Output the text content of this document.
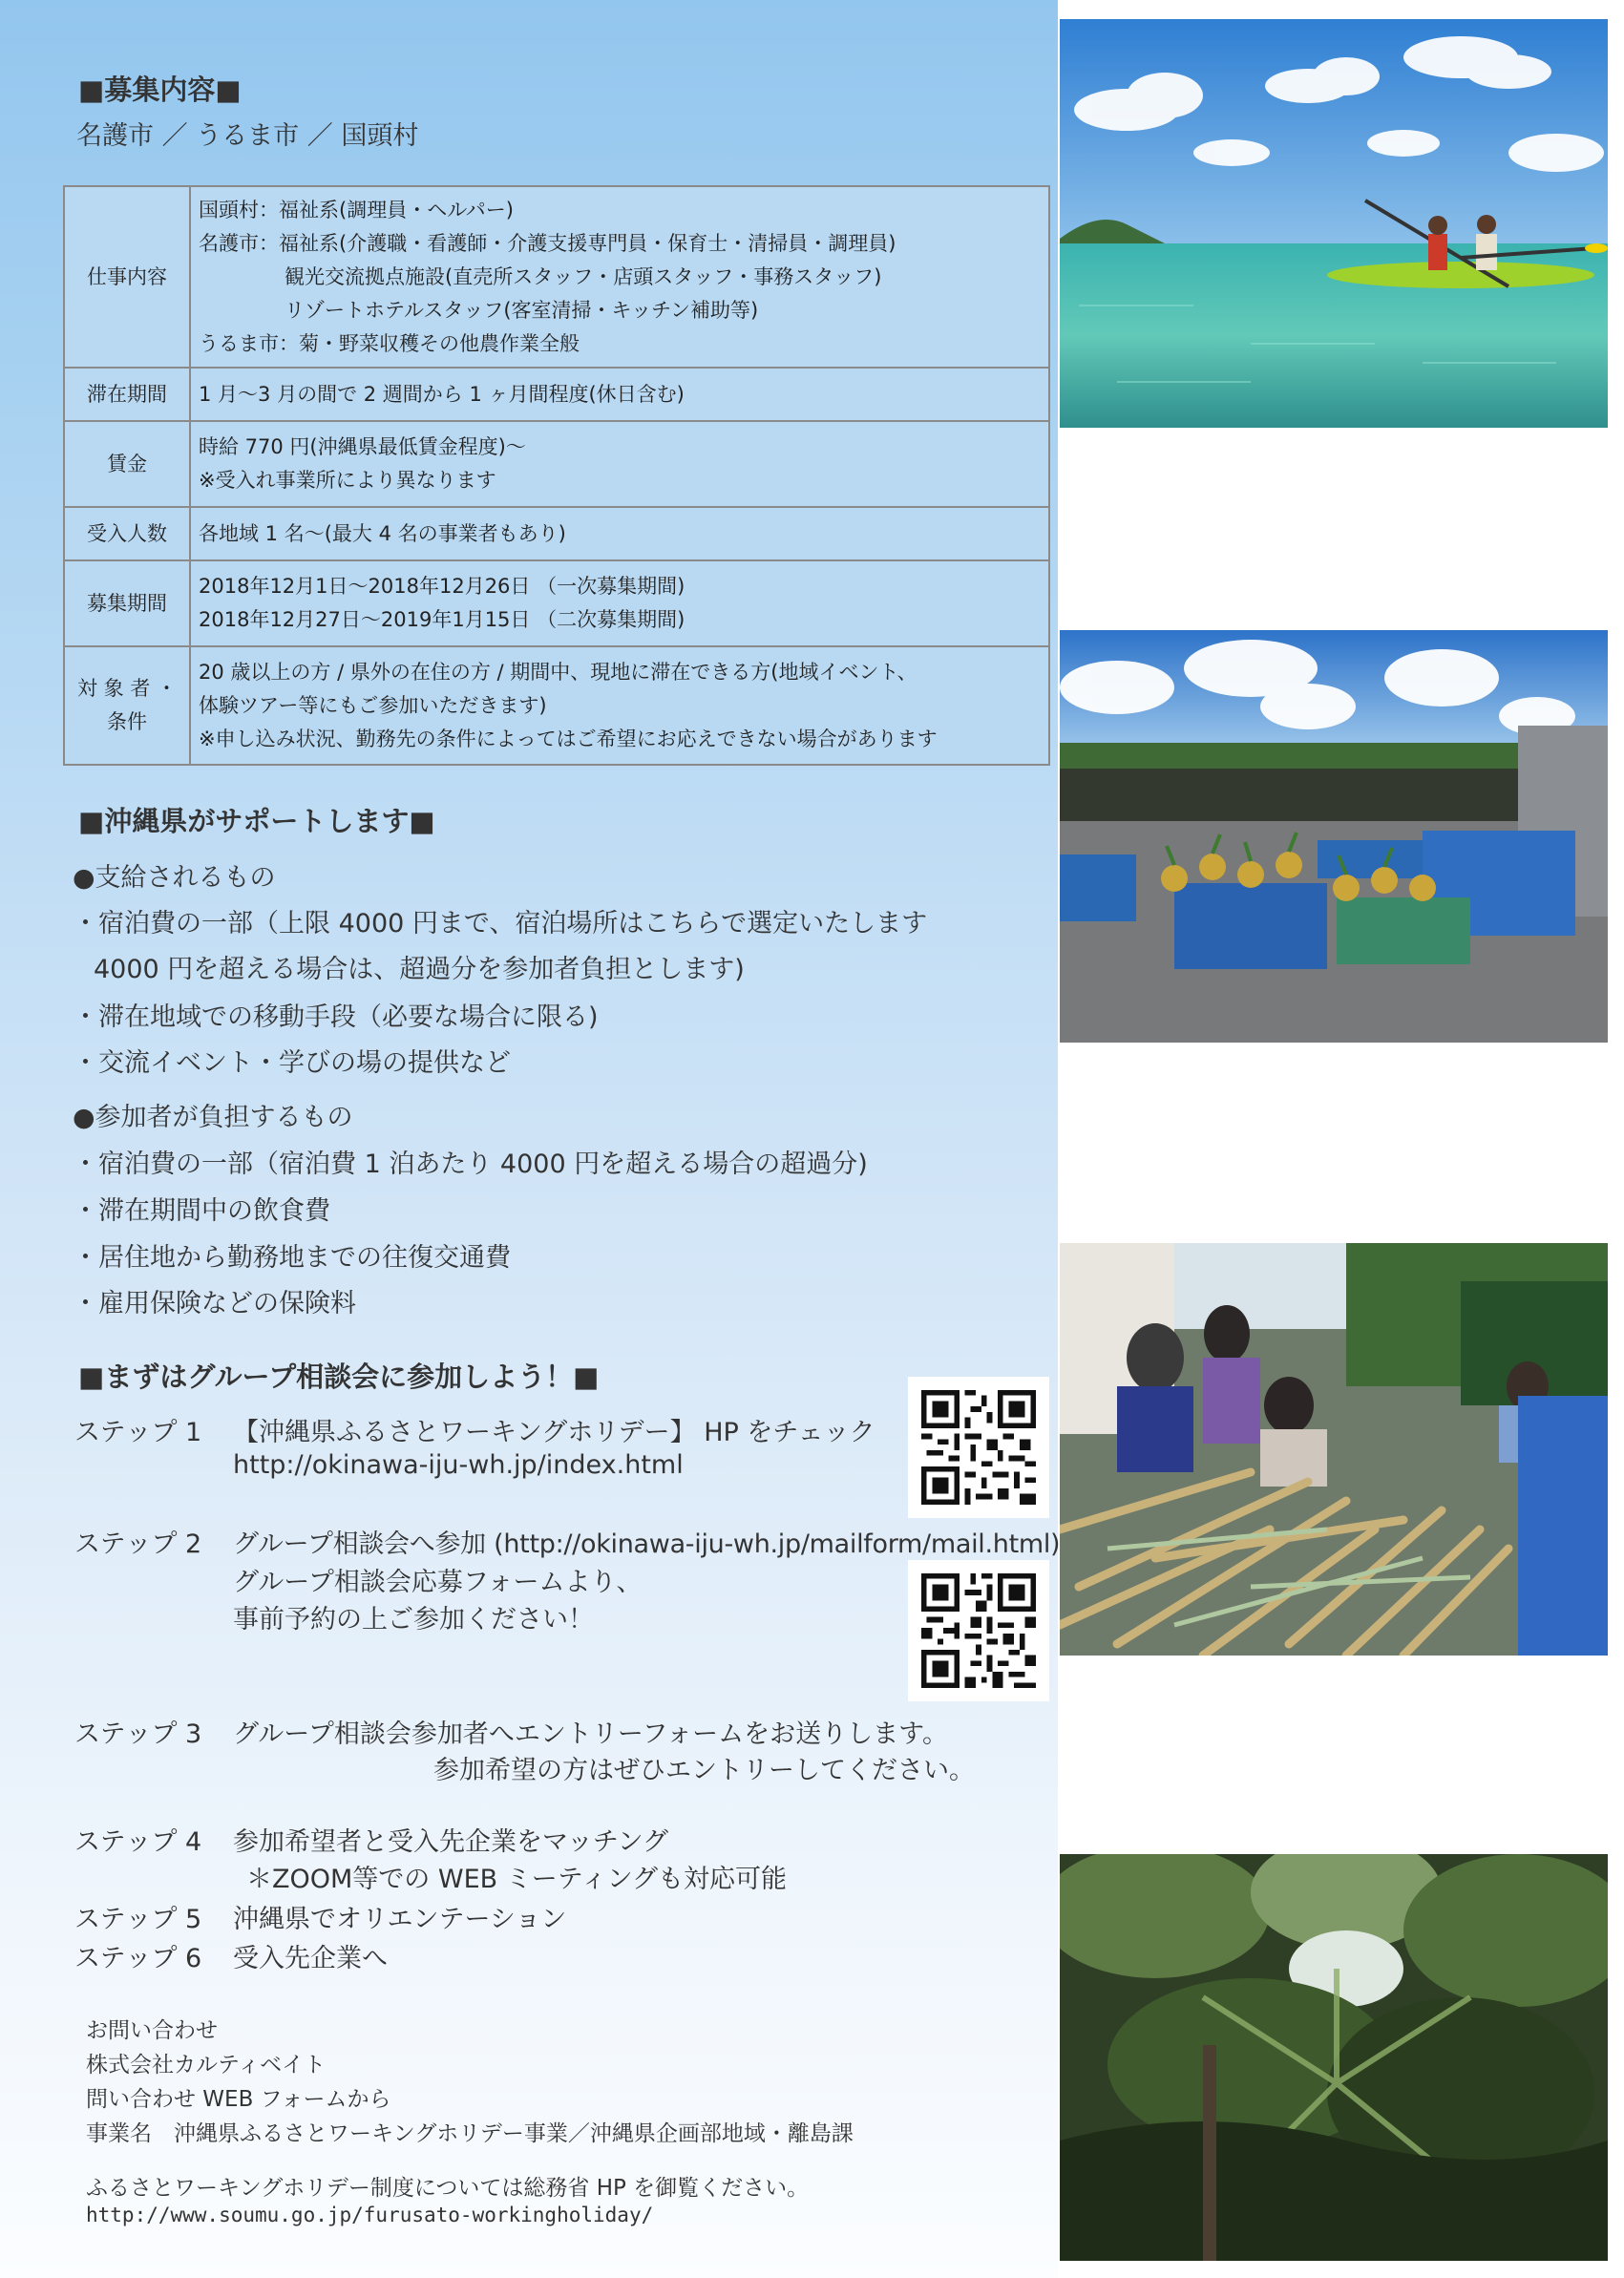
■募集内容■
名護市 ／ うるま市 ／ 国頭村
仕事内容	国頭村：福祉系(調理員・ヘルパー)
名護市：福祉系(介護職・看護師・介護支援専門員・保育士・清掃員・調理員)
観光交流拠点施設(直売所スタッフ・店頭スタッフ・事務スタッフ)
リゾートホテルスタッフ(客室清掃・キッチン補助等)
うるま市：菊・野菜収穫その他農作業全般

滞在期間	1 月～3 月の間で 2 週間から 1 ヶ月間程度(休日含む)
賃金	時給 770 円(沖縄県最低賃金程度)～
※受入れ事業所により異なります

受入人数	各地域 1 名～(最大 4 名の事業者もあり)
募集期間	2018年12月1日～2018年12月26日 （一次募集期間)
2018年12月27日～2019年1月15日 （二次募集期間)

対 象 者 ・
条件	20 歳以上の方 / 県外の在住の方 / 期間中、現地に滞在できる方(地域イベント、
体験ツアー等にもご参加いただきます)
※申し込み状況、勤務先の条件によってはご希望にお応えできない場合があります
■沖縄県がサポートします■
●支給されるもの
・宿泊費の一部（上限 4000 円まで、宿泊場所はこちらで選定いたします
4000 円を超える場合は、超過分を参加者負担とします)
・滞在地域での移動手段（必要な場合に限る)
・交流イベント・学びの場の提供など
●参加者が負担するもの
・宿泊費の一部（宿泊費 1 泊あたり 4000 円を超える場合の超過分)
・滞在期間中の飲食費
・居住地から勤務地までの往復交通費
・雇用保険などの保険料
■まずはグループ相談会に参加しよう！■
ステップ 1 【沖縄県ふるさとワーキングホリデー】 HP をチェック
http://okinawa-iju-wh.jp/index.html
ステップ 2 グループ相談会へ参加 (http://okinawa-iju-wh.jp/mailform/mail.html)
グループ相談会応募フォームより、
事前予約の上ご参加ください！
ステップ 3 グループ相談会参加者へエントリーフォームをお送りします。
参加希望の方はぜひエントリーしてください。
ステップ 4 参加希望者と受入先企業をマッチング
＊ZOOM等での WEB ミーティングも対応可能
ステップ 5 沖縄県でオリエンテーション
ステップ 6 受入先企業へ
お問い合わせ
株式会社カルティベイト
問い合わせ WEB フォームから
事業名　沖縄県ふるさとワーキングホリデー事業／沖縄県企画部地域・離島課
ふるさとワーキングホリデー制度については総務省 HP を御覧ください。
http://www.soumu.go.jp/furusato-workingholiday/
